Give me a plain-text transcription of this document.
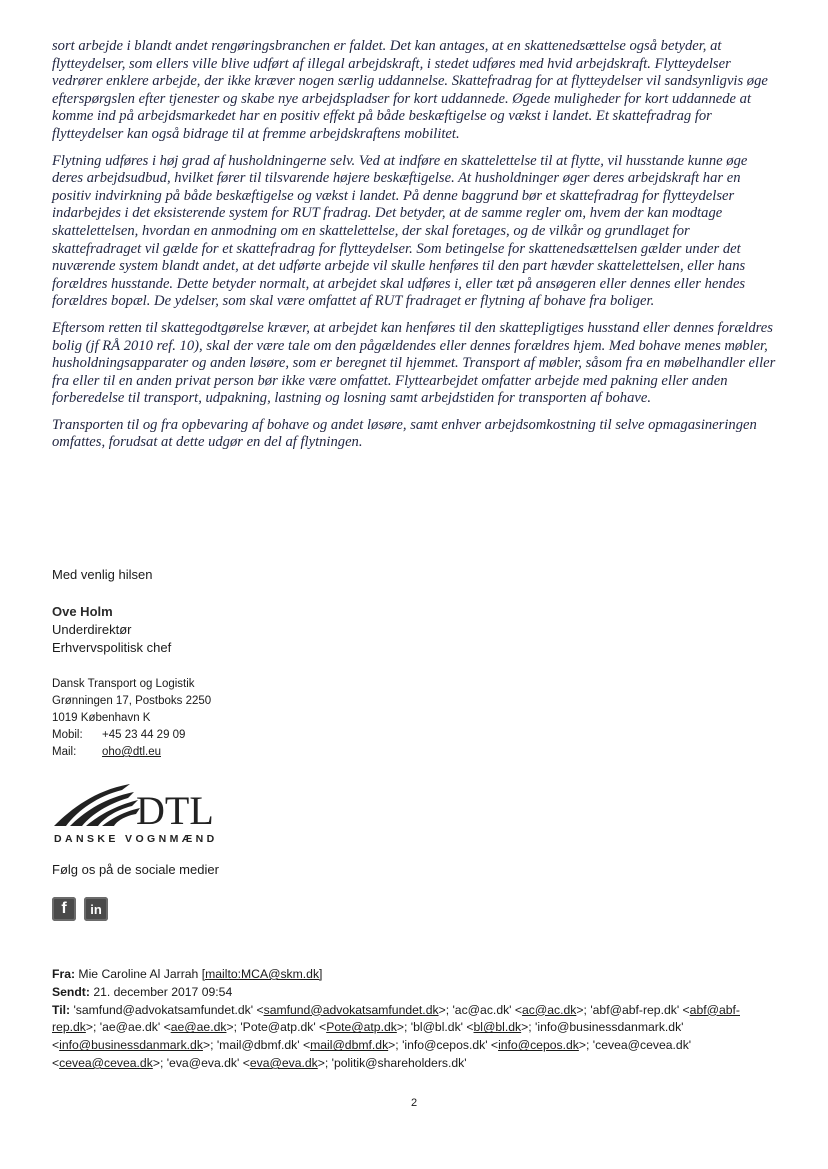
sort arbejde i blandt andet rengøringsbranchen er faldet. Det kan antages, at en skattenedsættelse også betyder, at flytteydelser, som ellers ville blive udført af illegal arbejdskraft, i stedet udføres med hvid arbejdskraft. Flytteydelser vedrører enklere arbejde, der ikke kræver nogen særlig uddannelse. Skattefradrag for at flytteydelser vil sandsynligvis øge efterspørgslen efter tjenester og skabe nye arbejdspladser for kort uddannede. Øgede muligheder for kort uddannede at komme ind på arbejdsmarkedet har en positiv effekt på både beskæftigelse og vækst i landet. Et skattefradrag for flytteydelser kan også bidrage til at fremme arbejdskraftens mobilitet.

Flytning udføres i høj grad af husholdningerne selv. Ved at indføre en skattelettelse til at flytte, vil husstande kunne øge deres arbejdsudbud, hvilket fører til tilsvarende højere beskæftigelse. At husholdninger øger deres arbejdskraft har en positiv indvirkning på både beskæftigelse og vækst i landet. På denne baggrund bør et skattefradrag for flytteydelser indarbejdes i det eksisterende system for RUT fradrag. Det betyder, at de samme regler om, hvem der kan modtage skattelettelsen, hvordan en anmodning om en skattelettelse, der skal foretages, og de vilkår og grundlaget for skattefradraget vil gælde for et skattefradrag for flytteydelser. Som betingelse for skattenedsættelsen gælder under det nuværende system blandt andet, at det udførte arbejde vil skulle henføres til den part hævder skattelettelsen, eller hans forældres husstande. Dette betyder normalt, at arbejdet skal udføres i, eller tæt på ansøgeren eller dennes eller hendes forældres bopæl. De ydelser, som skal være omfattet af RUT fradraget er flytning af bohave fra boliger.

Eftersom retten til skattegodtgørelse kræver, at arbejdet kan henføres til den skattepligtiges husstand eller dennes forældres bolig (jf RÅ 2010 ref. 10), skal der være tale om den pågældendes eller dennes forældres hjem. Med bohave menes møbler, husholdningsapparater og anden løsøre, som er beregnet til hjemmet. Transport af møbler, såsom fra en møbelhandler eller fra eller til en anden privat person bør ikke være omfattet. Flyttearbejdet omfatter arbejde med pakning eller anden forberedelse til transport, udpakning, lastning og losning samt arbejdstiden for transporten af bohave.

Transporten til og fra opbevaring af bohave og andet løsøre, samt enhver arbejdsomkostning til selve opmagasineringen omfattes, forudsat at dette udgør en del af flytningen.

Med venlig hilsen
Ove Holm
Underdirektør
Erhvervspolitisk chef
Dansk Transport og Logistik
Grønningen 17, Postboks 2250
1019 København K
Mobil:	+45 23 44 29 09
Mail:	oho@dtl.eu
DTL
DANSKE VOGNMÆND
Følg os på de sociale medier
f	in
Fra: Mie Caroline Al Jarrah [mailto:MCA@skm.dk]
Sendt: 21. december 2017 09:54
Til: 'samfund@advokatsamfundet.dk' <samfund@advokatsamfundet.dk>; 'ac@ac.dk' <ac@ac.dk>; 'abf@abf-rep.dk' <abf@abf-rep.dk>; 'ae@ae.dk' <ae@ae.dk>; 'Pote@atp.dk' <Pote@atp.dk>; 'bl@bl.dk' <bl@bl.dk>; 'info@businessdanmark.dk' <info@businessdanmark.dk>; 'mail@dbmf.dk' <mail@dbmf.dk>; 'info@cepos.dk' <info@cepos.dk>; 'cevea@cevea.dk' <cevea@cevea.dk>; 'eva@eva.dk' <eva@eva.dk>; 'politik@shareholders.dk'
2
